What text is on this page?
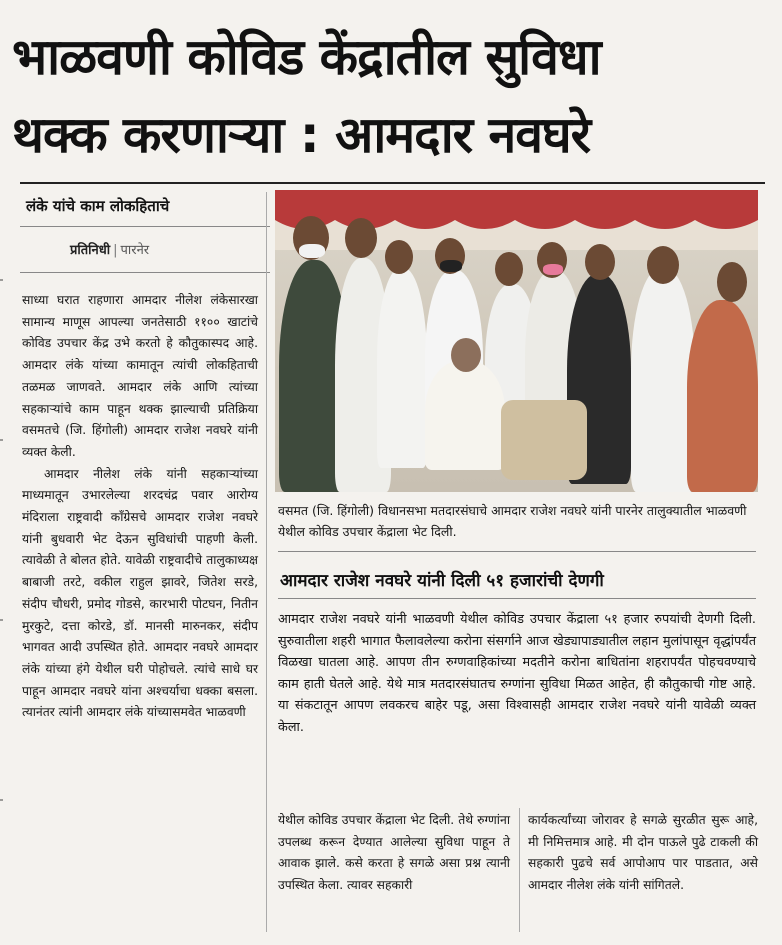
भाळवणी कोविड केंद्रातील सुविधा
थक्क करणाऱ्या : आमदार नवघरे
लंके यांचे काम लोकहिताचे
प्रतिनिधी | पारनेर

साध्या घरात राहणारा आमदार नीलेश लंकेसारखा सामान्य माणूस आपल्या जनतेसाठी ११०० खाटांचे कोविड उपचार केंद्र उभे करतो हे कौतुकास्पद आहे. आमदार लंके यांच्या कामातून त्यांची लोकहिताची तळमळ जाणवते. आमदार लंके आणि त्यांच्या सहकाऱ्यांचे काम पाहून थक्क झाल्याची प्रतिक्रिया वसमतचे (जि. हिंगोली) आमदार राजेश नवघरे यांनी व्यक्त केली.

आमदार नीलेश लंके यांनी सहकाऱ्यांच्या माध्यमातून उभारलेल्या शरदचंद्र पवार आरोग्य मंदिराला राष्ट्रवादी काँग्रेसचे आमदार राजेश नवघरे यांनी बुधवारी भेट देऊन सुविधांची पाहणी केली. त्यावेळी ते बोलत होते. यावेळी राष्ट्रवादीचे तालुकाध्यक्ष बाबाजी तरटे, वकील राहुल झावरे, जितेश सरडे, संदीप चौधरी, प्रमोद गोडसे, कारभारी पोटघन, नितीन मुरकुटे, दत्ता कोरडे, डॉ. मानसी मारुनकर, संदीप भागवत आदी उपस्थित होते. आमदार नवघरे आमदार लंके यांच्या हंगे येथील घरी पोहोचले. त्यांचे साधे घर पाहून आमदार नवघरे यांना अश्चर्याचा धक्का बसला. त्यानंतर त्यांनी आमदार लंके यांच्यासमवेत भाळवणी

वसमत (जि. हिंगोली) विधानसभा मतदारसंघाचे आमदार राजेश नवघरे यांनी पारनेर तालुक्यातील भाळवणी येथील कोविड उपचार केंद्राला भेट दिली.
आमदार राजेश नवघरे यांनी दिली ५१ हजारांची देणगी
आमदार राजेश नवघरे यांनी भाळवणी येथील कोविड उपचार केंद्राला ५१ हजार रुपयांची देणगी दिली. सुरुवातीला शहरी भागात फैलावलेल्या करोना संसर्गाने आज खेड्यापाड्यातील लहान मुलांपासून वृद्धांपर्यंत विळखा घातला आहे. आपण तीन रुग्णवाहिकांच्या मदतीने करोना बाधितांना शहरापर्यंत पोहचवण्याचे काम हाती घेतले आहे. येथे मात्र मतदारसंघातच रुग्णांना सुविधा मिळत आहेत, ही कौतुकाची गोष्ट आहे. या संकटातून आपण लवकरच बाहेर पडू, असा विश्वासही आमदार राजेश नवघरे यांनी यावेळी व्यक्त केला.
येथील कोविड उपचार केंद्राला भेट दिली. तेथे रुग्णांना उपलब्ध करून देण्यात आलेल्या सुविधा पाहून ते आवाक झाले. कसे करता हे सगळे असा प्रश्न त्यानी उपस्थित केला. त्यावर सहकारी
कार्यकर्त्यांच्या जोरावर हे सगळे सुरळीत सुरू आहे, मी निमित्तमात्र आहे. मी दोन पाऊले पुढे टाकली की सहकारी पुढचे सर्व आपोआप पार पाडतात, असे आमदार नीलेश लंके यांनी सांगितले.
